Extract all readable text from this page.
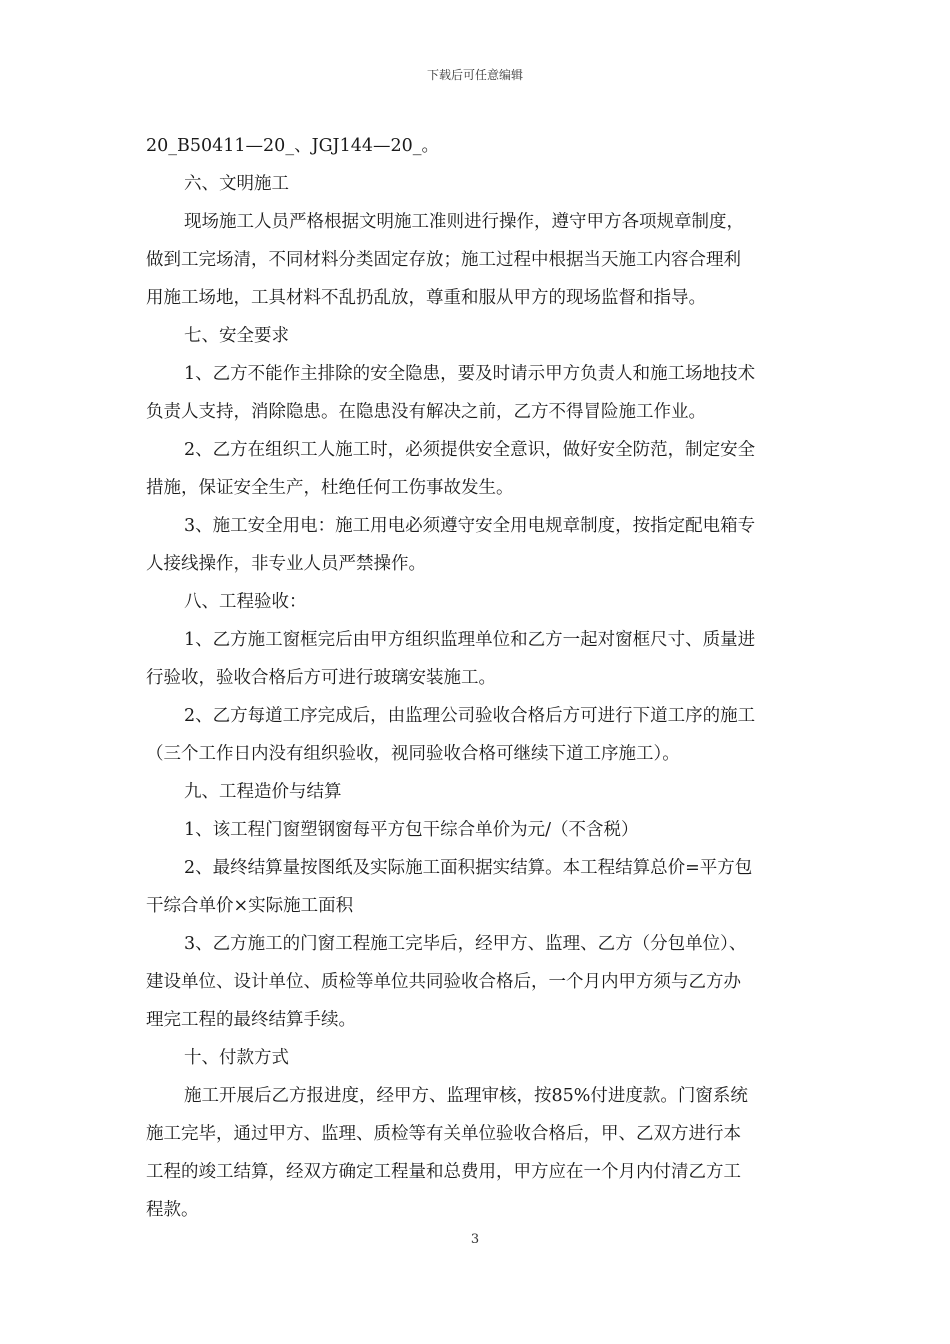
下载后可任意编辑
20_B50411—20_、JGJ144—20_。
六、文明施工
现场施工人员严格根据文明施工准则进行操作，遵守甲方各项规章制度，
做到工完场清，不同材料分类固定存放；施工过程中根据当天施工内容合理利
用施工场地，工具材料不乱扔乱放，尊重和服从甲方的现场监督和指导。
七、安全要求
1、乙方不能作主排除的安全隐患，要及时请示甲方负责人和施工场地技术
负责人支持，消除隐患。在隐患没有解决之前，乙方不得冒险施工作业。
2、乙方在组织工人施工时，必须提供安全意识，做好安全防范，制定安全
措施，保证安全生产，杜绝任何工伤事故发生。
3、施工安全用电：施工用电必须遵守安全用电规章制度，按指定配电箱专
人接线操作，非专业人员严禁操作。
八、工程验收：
1、乙方施工窗框完后由甲方组织监理单位和乙方一起对窗框尺寸、质量进
行验收，验收合格后方可进行玻璃安装施工。
2、乙方每道工序完成后，由监理公司验收合格后方可进行下道工序的施工
（三个工作日内没有组织验收，视同验收合格可继续下道工序施工）。
九、工程造价与结算
1、该工程门窗塑钢窗每平方包干综合单价为元/（不含税）
2、最终结算量按图纸及实际施工面积据实结算。本工程结算总价=平方包
干综合单价×实际施工面积
3、乙方施工的门窗工程施工完毕后，经甲方、监理、乙方（分包单位）、
建设单位、设计单位、质检等单位共同验收合格后，一个月内甲方须与乙方办
理完工程的最终结算手续。
十、付款方式
施工开展后乙方报进度，经甲方、监理审核，按85%付进度款。门窗系统
施工完毕，通过甲方、监理、质检等有关单位验收合格后，甲、乙双方进行本
工程的竣工结算，经双方确定工程量和总费用，甲方应在一个月内付清乙方工
程款。
3
